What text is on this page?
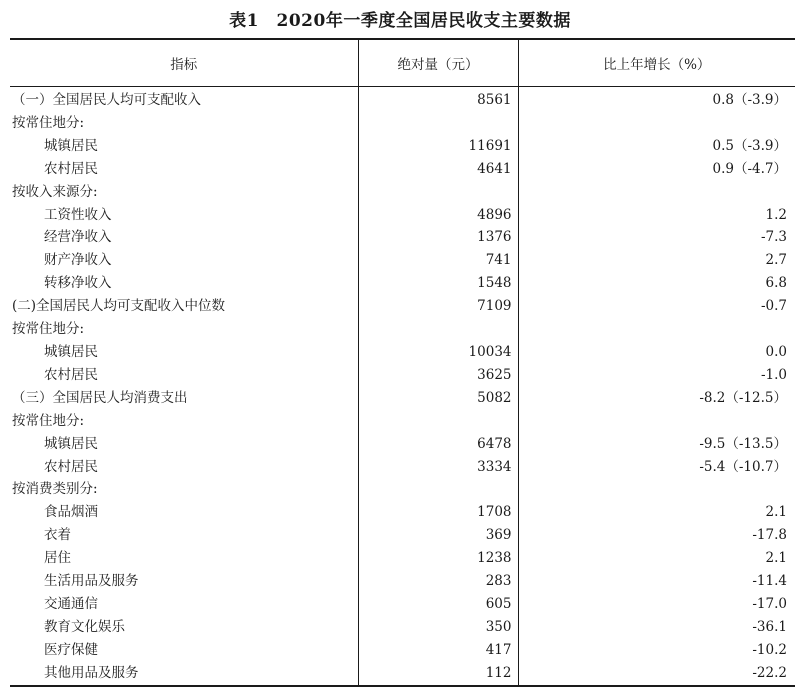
表1　2020年一季度全国居民收支主要数据
指标	绝对量（元）	比上年增长（%）
（一）全国居民人均可支配收入	8561	0.8（-3.9）
按常住地分:		
城镇居民	11691	0.5（-3.9）
农村居民	4641	0.9（-4.7）
按收入来源分:		
工资性收入	4896	1.2
经营净收入	1376	-7.3
财产净收入	741	2.7
转移净收入	1548	6.8
(二)全国居民人均可支配收入中位数	7109	-0.7
按常住地分:		
城镇居民	10034	0.0
农村居民	3625	-1.0
（三）全国居民人均消费支出	5082	-8.2（-12.5）
按常住地分:		
城镇居民	6478	-9.5（-13.5）
农村居民	3334	-5.4（-10.7）
按消费类别分:		
食品烟酒	1708	2.1
衣着	369	-17.8
居住	1238	2.1
生活用品及服务	283	-11.4
交通通信	605	-17.0
教育文化娱乐	350	-36.1
医疗保健	417	-10.2
其他用品及服务	112	-22.2
